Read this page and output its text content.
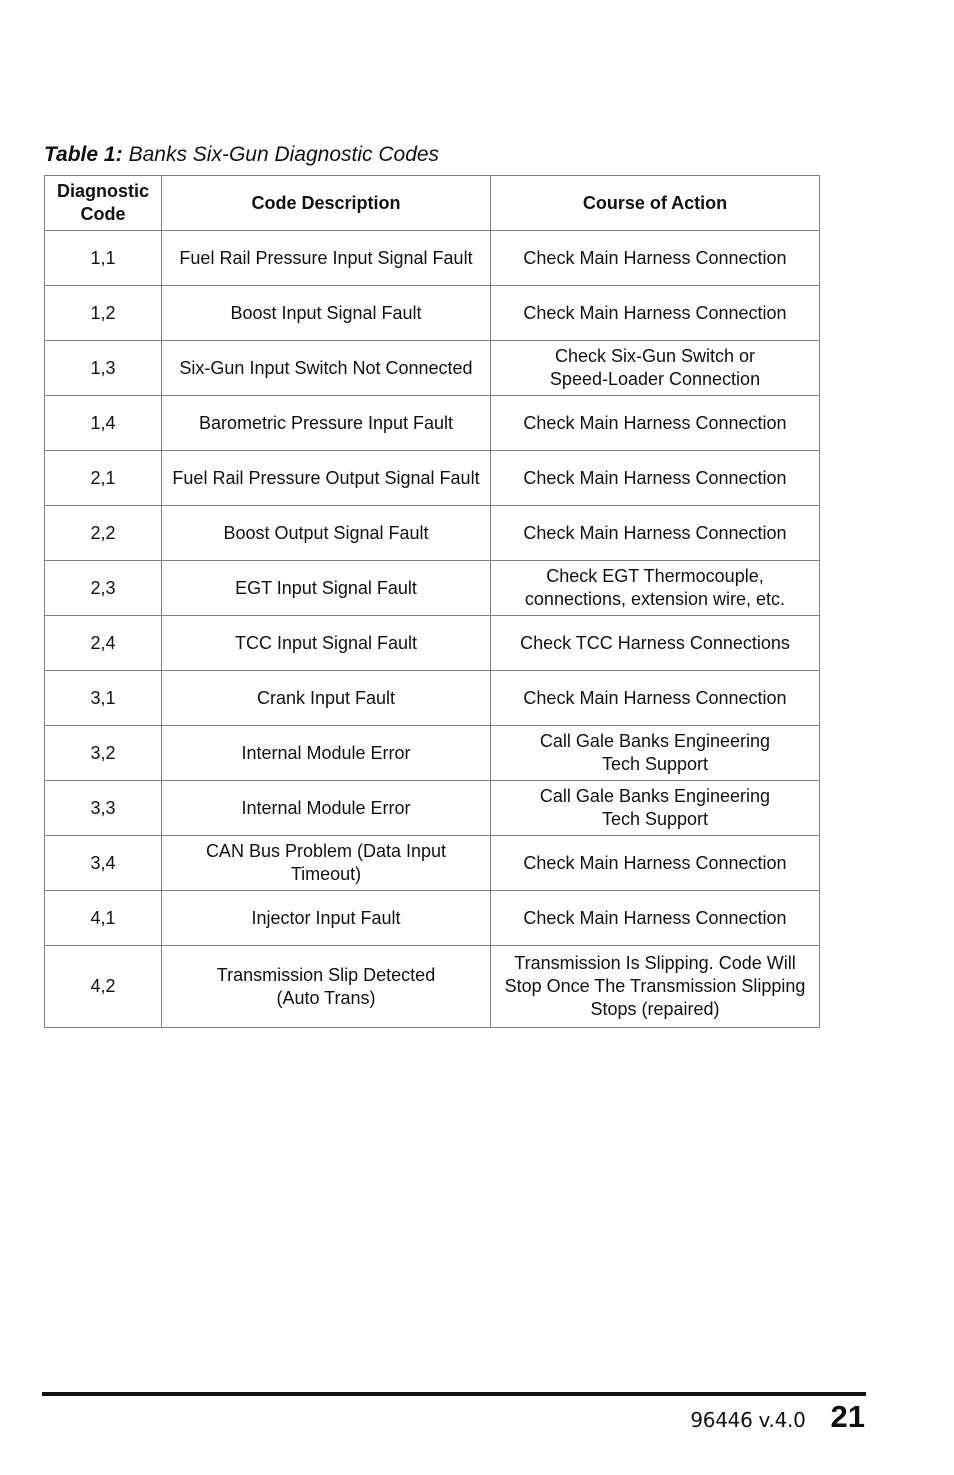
Table 1: Banks Six-Gun Diagnostic Codes
Diagnostic
Code	Code Description	Course of Action

1,1	Fuel Rail Pressure Input Signal Fault	Check Main Harness Connection
1,2	Boost Input Signal Fault	Check Main Harness Connection
1,3	Six-Gun Input Switch Not Connected	Check Six-Gun Switch or
Speed-Loader Connection

1,4	Barometric Pressure Input Fault	Check Main Harness Connection
2,1	Fuel Rail Pressure Output Signal Fault	Check Main Harness Connection
2,2	Boost Output Signal Fault	Check Main Harness Connection
2,3	EGT Input Signal Fault	Check EGT Thermocouple,
connections, extension wire, etc.

2,4	TCC Input Signal Fault	Check TCC Harness Connections
3,1	Crank Input Fault	Check Main Harness Connection
3,2	Internal Module Error	Call Gale Banks Engineering
Tech Support

3,3	Internal Module Error	Call Gale Banks Engineering
Tech Support

3,4	CAN Bus Problem (Data Input
Timeout)	Check Main Harness Connection
4,1	Injector Input Fault	Check Main Harness Connection
4,2	Transmission Slip Detected
(Auto Trans)	Transmission Is Slipping. Code Will
Stop Once The Transmission Slipping
Stops (repaired)
96446 v.4.0 21
